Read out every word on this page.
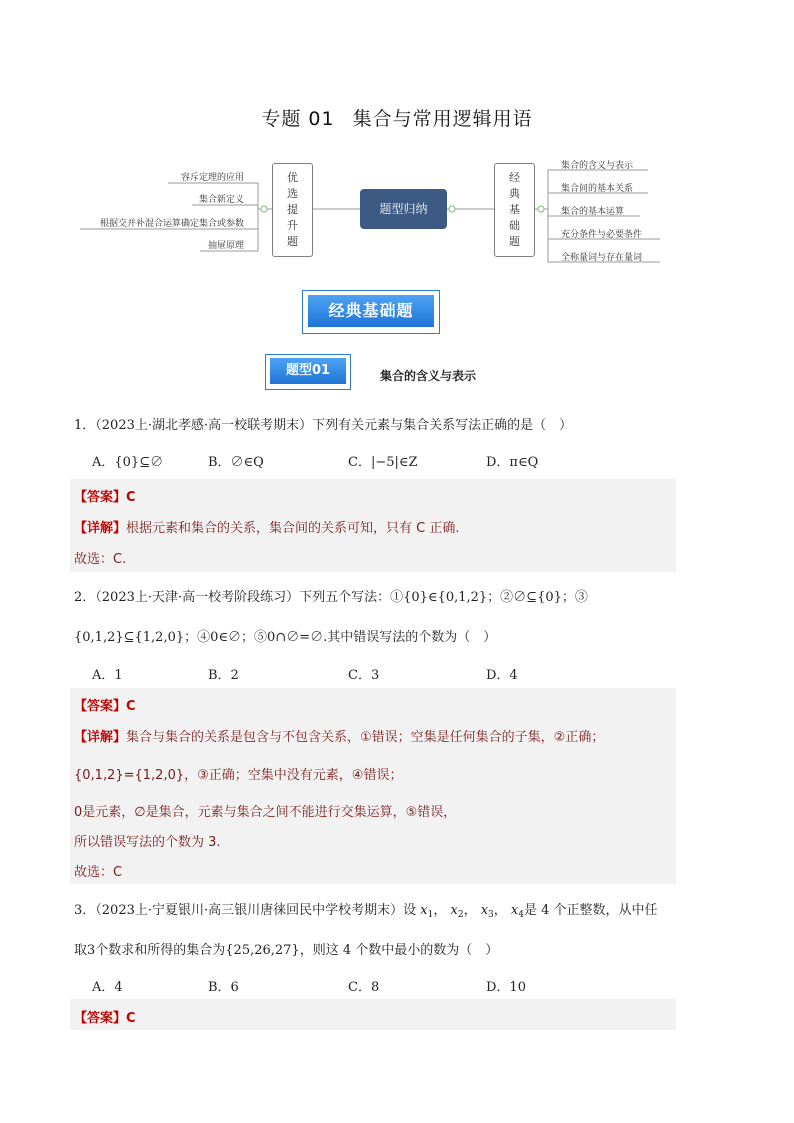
专题 01 集合与常用逻辑用语
容斥定理的应用
集合新定义
根据交并补混合运算确定集合或参数
抽屉原理
优
选
提
升
题
题型归纳
经
典
基
础
题
集合的含义与表示
集合间的基本关系
集合的基本运算
充分条件与必要条件
全称量词与存在量词
经典基础题
题型01	集合的含义与表示
1．（2023上·湖北孝感·高一校联考期末）下列有关元素与集合关系写法正确的是（　）
A．{0}⊆∅	B．∅∈Q	C．|−5|∈Z	D．π∈Q
【答案】C
【详解】根据元素和集合的关系，集合间的关系可知，只有 C 正确.
故选：C.
2．（2023上·天津·高一校考阶段练习）下列五个写法：①{0}∈{0,1,2}；②∅⊆{0}；③
{0,1,2}⊆{1,2,0}；④0∈∅；⑤0∩∅=∅.其中错误写法的个数为（　）
A．1	B．2	C．3	D．4
【答案】C
【详解】集合与集合的关系是包含与不包含关系，①错误；空集是任何集合的子集，②正确；
{0,1,2}={1,2,0}，③正确；空集中没有元素，④错误；
0是元素，∅是集合，元素与集合之间不能进行交集运算，⑤错误，
所以错误写法的个数为 3.
故选：C
3．（2023上·宁夏银川·高三银川唐徕回民中学校考期末）设 $x_1$， $x_2$， $x_3$， $x_4$是 4 个正整数，从中任
取3个数求和所得的集合为{25,26,27}，则这 4 个数中最小的数为（　）
A．4	B．6	C．8	D．10
【答案】C
